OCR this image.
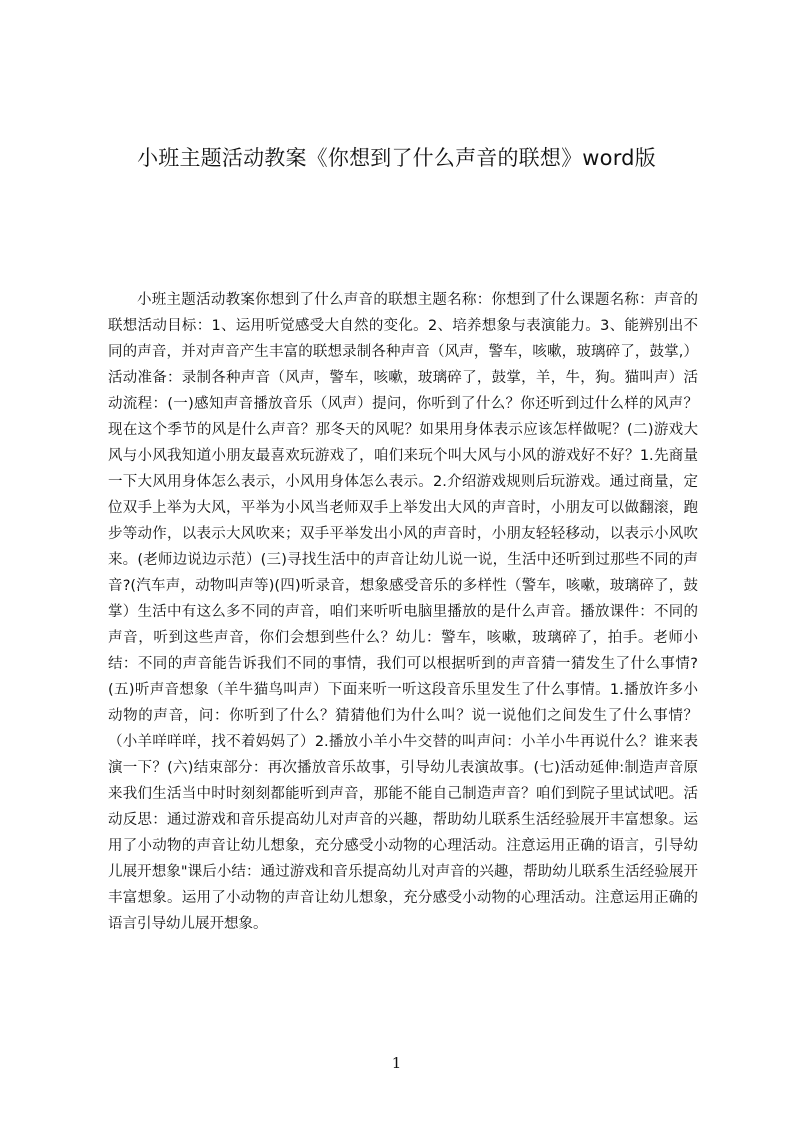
小班主题活动教案《你想到了什么声音的联想》word版

小班主题活动教案你想到了什么声音的联想主题名称：你想到了什么课题名称：声音的联想活动目标：1、运用听觉感受大自然的变化。2、培养想象与表演能力。3、能辨别出不同的声音，并对声音产生丰富的联想录制各种声音（风声，警车，咳嗽，玻璃碎了，鼓掌,）活动准备：录制各种声音（风声，警车，咳嗽，玻璃碎了，鼓掌，羊，牛，狗。猫叫声）活动流程：(一)感知声音播放音乐（风声）提问，你听到了什么？你还听到过什么样的风声？现在这个季节的风是什么声音？那冬天的风呢？如果用身体表示应该怎样做呢？(二)游戏大风与小风我知道小朋友最喜欢玩游戏了，咱们来玩个叫大风与小风的游戏好不好？1.先商量一下大风用身体怎么表示，小风用身体怎么表示。2.介绍游戏规则后玩游戏。通过商量，定位双手上举为大风，平举为小风当老师双手上举发出大风的声音时，小朋友可以做翻滚，跑步等动作，以表示大风吹来；双手平举发出小风的声音时，小朋友轻轻移动，以表示小风吹来。(老师边说边示范）(三)寻找生活中的声音让幼儿说一说，生活中还听到过那些不同的声音?(汽车声，动物叫声等)(四)听录音，想象感受音乐的多样性（警车，咳嗽，玻璃碎了，鼓掌）生活中有这么多不同的声音，咱们来听听电脑里播放的是什么声音。播放课件：不同的声音，听到这些声音，你们会想到些什么？幼儿：警车，咳嗽，玻璃碎了，拍手。老师小结：不同的声音能告诉我们不同的事情，我们可以根据听到的声音猜一猜发生了什么事情?(五)听声音想象（羊牛猫鸟叫声）下面来听一听这段音乐里发生了什么事情。1.播放许多小动物的声音，问：你听到了什么？猜猜他们为什么叫？说一说他们之间发生了什么事情？（小羊咩咩咩，找不着妈妈了）2.播放小羊小牛交替的叫声问：小羊小牛再说什么？谁来表演一下？(六)结束部分：再次播放音乐故事，引导幼儿表演故事。(七)活动延伸:制造声音原来我们生活当中时时刻刻都能听到声音，那能不能自己制造声音？咱们到院子里试试吧。活动反思：通过游戏和音乐提高幼儿对声音的兴趣，帮助幼儿联系生活经验展开丰富想象。运用了小动物的声音让幼儿想象，充分感受小动物的心理活动。注意运用正确的语言，引导幼儿展开想象"课后小结：通过游戏和音乐提高幼儿对声音的兴趣，帮助幼儿联系生活经验展开丰富想象。运用了小动物的声音让幼儿想象，充分感受小动物的心理活动。注意运用正确的语言引导幼儿展开想象。

1
